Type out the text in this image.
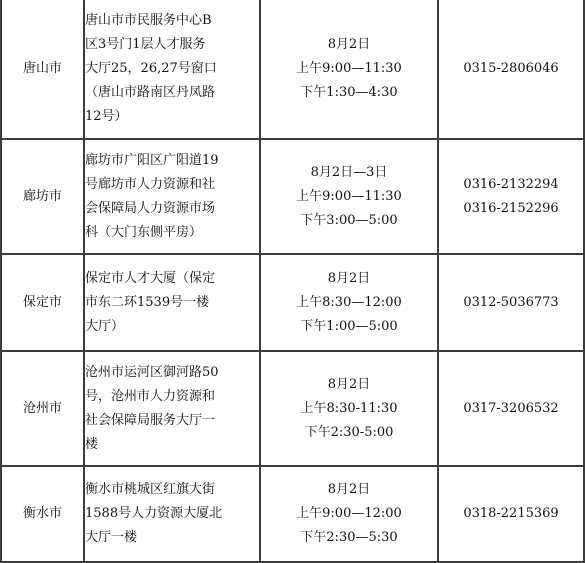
唐山市	唐山市市民服务中心B
区3号门1层人才服务
大厅25，26,27号窗口
（唐山市路南区丹凤路
12号）	8月2日
上午9:00—11:30
下午1:30—4:30	0315-2806046

廊坊市	廊坊市广阳区广阳道19
号廊坊市人力资源和社
会保障局人力资源市场
科（大门东侧平房）	8月2日—3日
上午9:00—11:30
下午3:00—5:00	0316-2132294
0316-2152296

保定市	保定市人才大厦（保定
市东二环1539号一楼
大厅）	8月2日
上午8:30—12:00
下午1:00—5:00	0312-5036773

沧州市	沧州市运河区御河路50
号，沧州市人力资源和
社会保障局服务大厅一
楼	8月2日
上午8:30-11:30
下午2:30-5:00	0317-3206532

衡水市	衡水市桃城区红旗大街
1588号人力资源大厦北
大厅一楼	8月2日
上午9:00—12:00
下午2:30—5:30	0318-2215369
